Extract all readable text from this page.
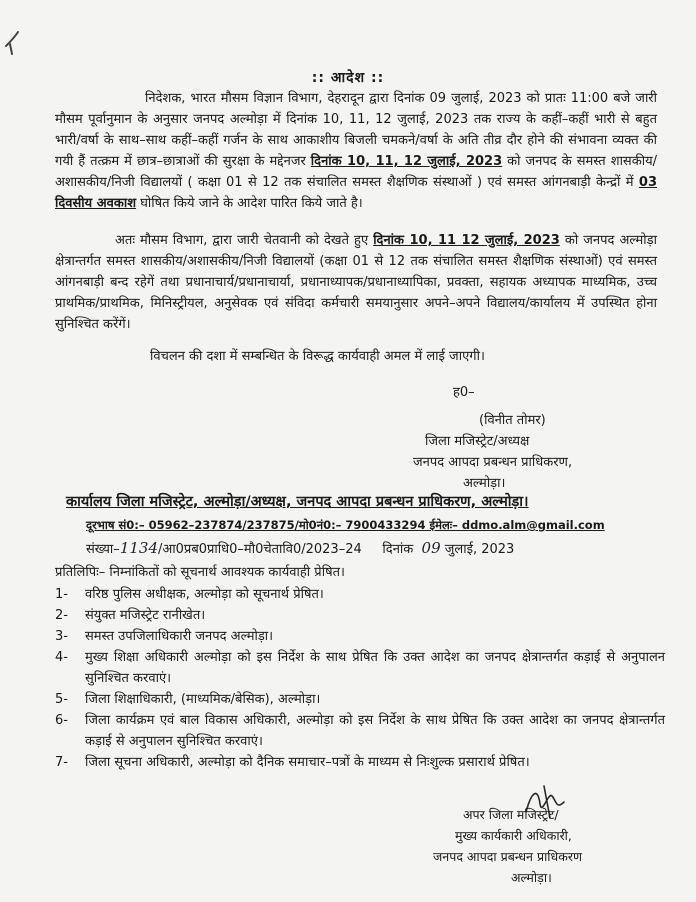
:: आदेश ::
निदेशक, भारत मौसम विज्ञान विभाग, देहरादून द्वारा दिनांक 09 जुलाई, 2023 को प्रातः 11:00 बजे जारी मौसम पूर्वानुमान के अनुसार जनपद अल्मोड़ा में दिनांक 10, 11, 12 जुलाई, 2023 तक राज्य के कहीं–कहीं भारी से बहुत भारी/वर्षा के साथ–साथ कहीं–कहीं गर्जन के साथ आकाशीय बिजली चमकने/वर्षा के अति तीव्र दौर होने की संभावना व्यक्त की गयी हैं तत्क्रम में छात्र–छात्राओं की सुरक्षा के मद्देनजर दिनांक 10, 11, 12 जुलाई, 2023 को जनपद के समस्त शासकीय/अशासकीय/निजी विद्यालयों ( कक्षा 01 से 12 तक संचालित समस्त शैक्षणिक संस्थाओं ) एवं समस्त आंगनबाड़ी केन्द्रों में 03 दिवसीय अवकाश घोषित किये जाने के आदेश पारित किये जाते है।
अतः मौसम विभाग, द्वारा जारी चेतवानी को देखते हुए दिनांक 10, 11 12 जुलाई, 2023 को जनपद अल्मोड़ा क्षेत्रान्तर्गत समस्त शासकीय/अशासकीय/निजी विद्यालयों (कक्षा 01 से 12 तक संचालित समस्त शैक्षणिक संस्थाओं) एवं समस्त आंगनबाड़ी बन्द रहेगें तथा प्रधानाचार्य/प्रधानाचार्या, प्रधानाध्यापक/प्रधानाध्यापिका, प्रवक्ता, सहायक अध्यापक माध्यमिक, उच्च प्राथमिक/प्राथमिक, मिनिस्ट्रीयल, अनुसेवक एवं संविदा कर्मचारी समयानुसार अपने–अपने विद्यालय/कार्यालय में उपस्थित होना सुनिश्चित करेंगें।
विचलन की दशा में सम्बन्धित के विरूद्ध कार्यवाही अमल में लाई जाएगी।
ह0–
(विनीत तोमर)
जिला मजिस्ट्रेट/अध्यक्ष
जनपद आपदा प्रबन्धन प्राधिकरण,
अल्मोड़ा।
कार्यालय जिला मजिस्ट्रेट, अल्मोड़ा/अध्यक्ष, जनपद आपदा प्रबन्धन प्राधिकरण, अल्मोड़ा।
दूरभाष सं0:– 05962–237874/237875/मो0नं0:– 7900433294 ईमेलः– ddmo.alm@gmail.com
संख्या–1134/आ0प्रब0प्राधि0–मौ0चेतावि0/2023–24 दिनांक 09 जुलाई, 2023
प्रतिलिपिः– निम्नांकितों को सूचनार्थ आवश्यक कार्यवाही प्रेषित।
1- वरिष्ठ पुलिस अधीक्षक, अल्मोड़ा को सूचनार्थ प्रेषित।
2- संयुक्त मजिस्ट्रेट रानीखेत।
3- समस्त उपजिलाधिकारी जनपद अल्मोड़ा।
4- मुख्य शिक्षा अधिकारी अल्मोड़ा को इस निर्देश के साथ प्रेषित कि उक्त आदेश का जनपद क्षेत्रान्तर्गत कड़ाई से अनुपालन सुनिश्चित करवाएं।
5- जिला शिक्षाधिकारी, (माध्यमिक/बेसिक), अल्मोड़ा।
6- जिला कार्यक्रम एवं बाल विकास अधिकारी, अल्मोड़ा को इस निर्देश के साथ प्रेषित कि उक्त आदेश का जनपद क्षेत्रान्तर्गत कड़ाई से अनुपालन सुनिश्चित करवाएं।
7- जिला सूचना अधिकारी, अल्मोड़ा को दैनिक समाचार–पत्रों के माध्यम से निःशुल्क प्रसारार्थ प्रेषित।
अपर जिला मजिस्ट्रेट/
मुख्य कार्यकारी अधिकारी,
जनपद आपदा प्रबन्धन प्राधिकरण
अल्मोड़ा।
